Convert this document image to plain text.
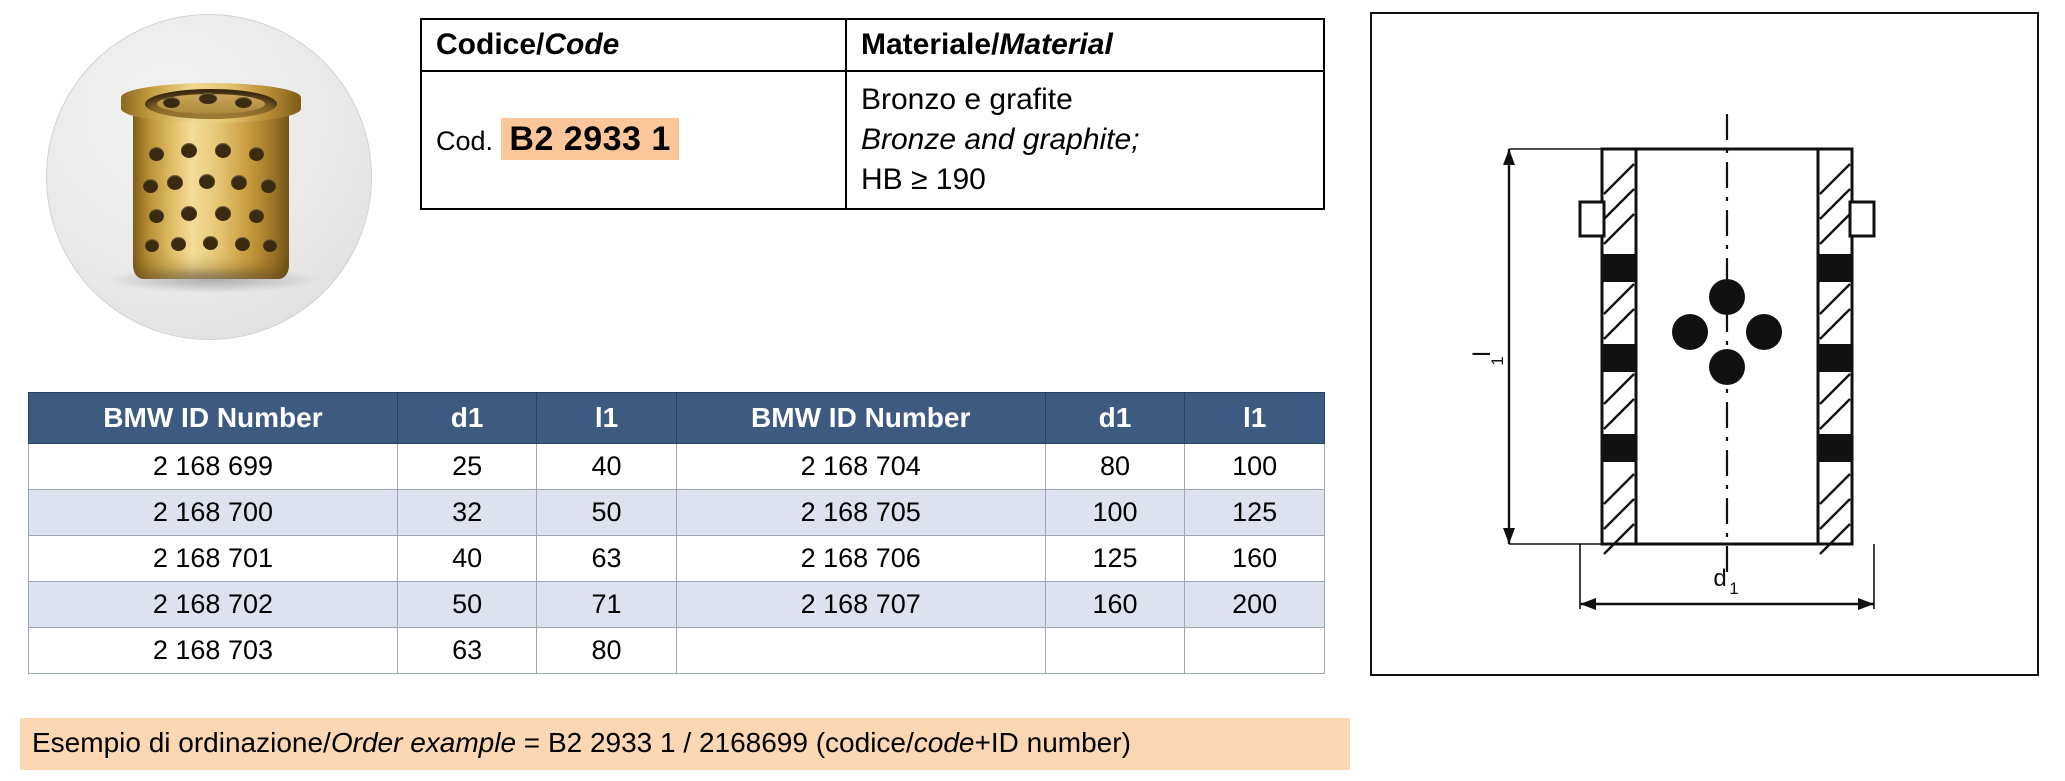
Codice/Code	Materiale/Material
Cod. B2 2933 1	Bronzo e grafite
Bronze and graphite;
HB ≥ 190
l
1
d 1
BMW ID Number	d1	l1	BMW ID Number	d1	l1
2 168 699	25	40	2 168 704	80	100
2 168 700	32	50	2 168 705	100	125
2 168 701	40	63	2 168 706	125	160
2 168 702	50	71	2 168 707	160	200
2 168 703	63	80			
Esempio di ordinazione/Order example = B2 2933 1 / 2168699 (codice/code+ID number)
